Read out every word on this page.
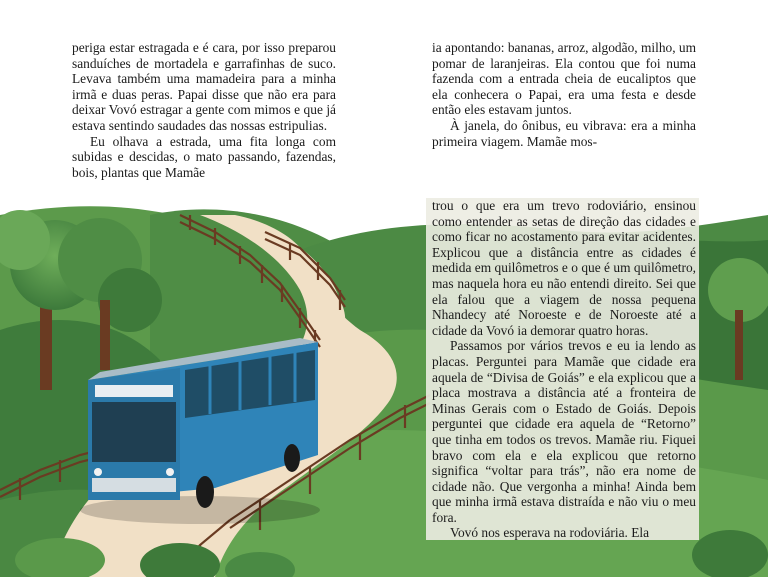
periga estar estragada e é cara, por isso preparou sanduíches de mortadela e garrafinhas de suco. Levava também uma mamadeira para a minha irmã e duas peras. Papai disse que não era para deixar Vovó estragar a gente com mimos e que já estava sentindo saudades das nossas estripulias.

Eu olhava a estrada, uma fita longa com subidas e descidas, o mato passando, fazendas, bois, plantas que Mamãe

ia apontando: bananas, arroz, algodão, milho, um pomar de laranjeiras. Ela contou que foi numa fazenda com a entrada cheia de eucaliptos que ela conhecera o Papai, era uma festa e desde então eles estavam juntos.

À janela, do ônibus, eu vibrava: era a minha primeira viagem. Mamãe mos-

trou o que era um trevo rodoviário, ensinou como entender as setas de direção das cidades e como ficar no acostamento para evitar acidentes. Explicou que a distância entre as cidades é medida em quilômetros e o que é um quilômetro, mas naquela hora eu não entendi direito. Sei que ela falou que a viagem de nossa pequena Nhandecy até Noroeste e de Noroeste até a cidade da Vovó ia demorar quatro horas.

Passamos por vários trevos e eu ia lendo as placas. Perguntei para Mamãe que cidade era aquela de “Divisa de Goiás” e ela explicou que a placa mostrava a distância até a fronteira de Minas Gerais com o Estado de Goiás. Depois perguntei que cidade era aquela de “Retorno” que tinha em todos os trevos. Mamãe riu. Fiquei bravo com ela e ela explicou que retorno significa “voltar para trás”, não era nome de cidade não. Que vergonha a minha! Ainda bem que minha irmã estava distraída e não viu o meu fora.

Vovó nos esperava na rodoviária. Ela
